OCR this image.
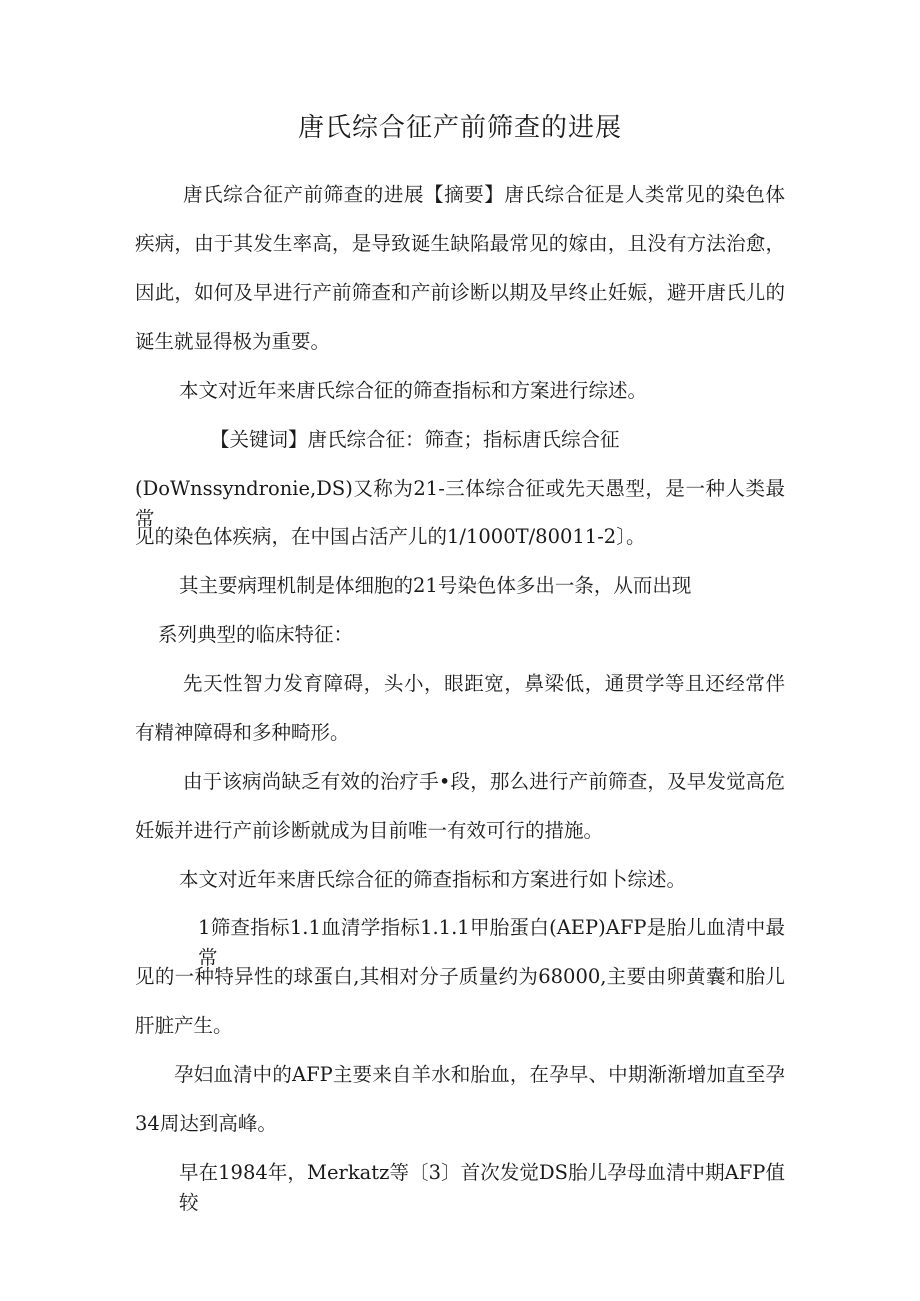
唐氏综合征产前筛查的进展
唐氏综合征产前筛查的进展【摘要】唐氏综合征是人类常见的染色体
疾病，由于其发生率高，是导致诞生缺陷最常见的嫁由，且没有方法治愈，
因此，如何及早进行产前筛查和产前诊断以期及早终止妊娠，避开唐氏儿的
诞生就显得极为重要。
本文对近年来唐氏综合征的筛查指标和方案进行综述。
【关键词】唐氏综合征：筛查；指标唐氏综合征
(DoWnssyndronie,DS)又称为21-三体综合征或先天愚型，是一种人类最常
见的染色体疾病，在中国占活产儿的1/1000T/80011-2〕。
其主要病理机制是体细胞的21号染色体多出一条，从而出现
系列典型的临床特征：
先天性智力发育障碍，头小，眼距宽，鼻梁低，通贯学等且还经常伴
有精神障碍和多种畸形。
由于该病尚缺乏有效的治疗手•段，那么进行产前筛查，及早发觉高危
妊娠并进行产前诊断就成为目前唯一有效可行的措施。
本文对近年来唐氏综合征的筛查指标和方案进行如卜综述。
1筛查指标1.1血清学指标1.1.1甲胎蛋白(AEP)AFP是胎儿血清中最常
见的一种特异性的球蛋白,其相对分子质量约为68000,主要由卵黄囊和胎儿
肝脏产生。
孕妇血清中的AFP主要来自羊水和胎血，在孕早、中期渐渐增加直至孕
34周达到高峰。
早在1984年，Merkatz等〔3〕首次发觉DS胎儿孕母血清中期AFP值较
